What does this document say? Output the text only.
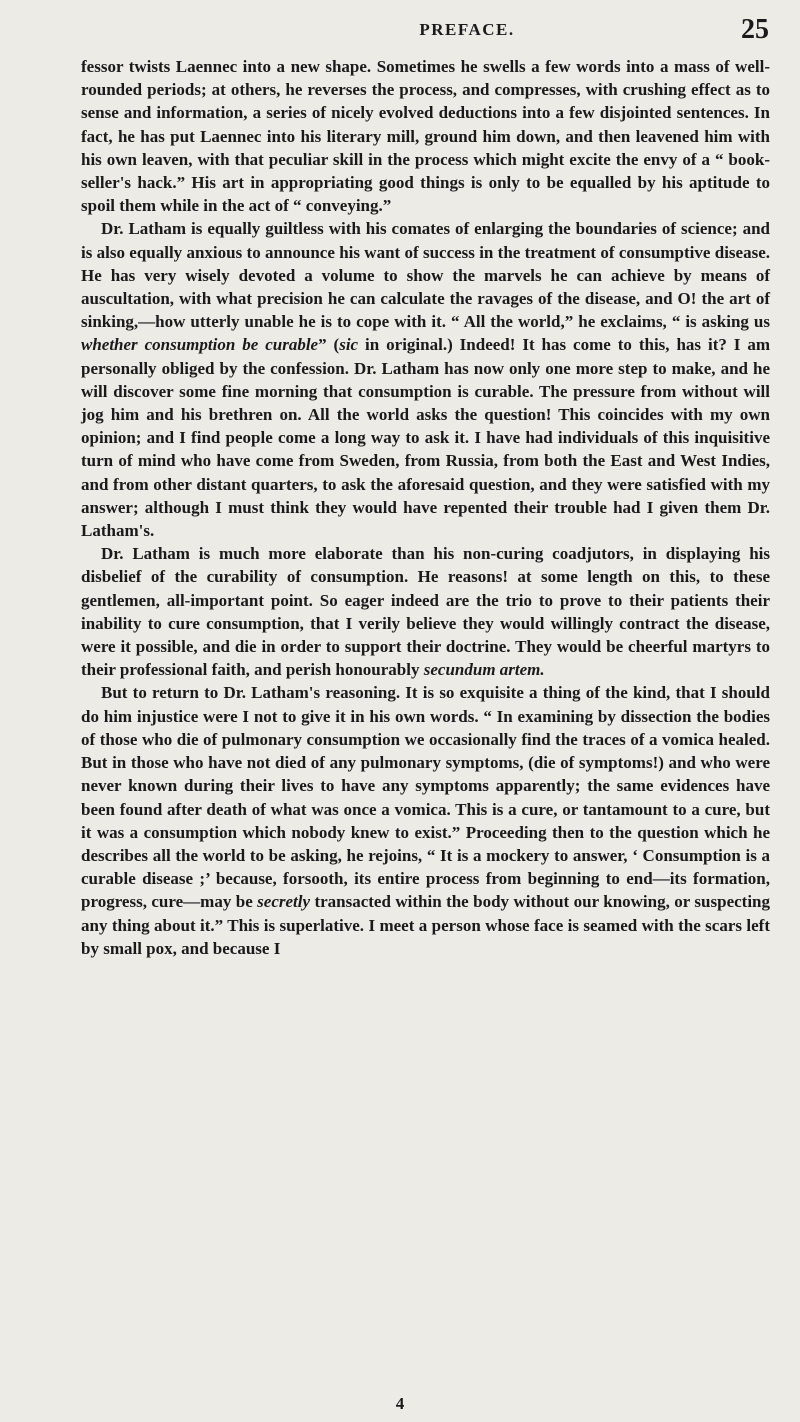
PREFACE.	25

fessor twists Laennec into a new shape. Sometimes he swells a few words into a mass of well-rounded periods; at others, he reverses the process, and compresses, with crushing effect as to sense and information, a series of nicely evolved deductions into a few disjointed sentences. In fact, he has put Laennec into his literary mill, ground him down, and then leavened him with his own leaven, with that peculiar skill in the process which might excite the envy of a “ book-seller's hack.” His art in appropriating good things is only to be equalled by his aptitude to spoil them while in the act of “ conveying.”

Dr. Latham is equally guiltless with his comates of enlarging the boundaries of science; and is also equally anxious to announce his want of success in the treatment of consumptive disease. He has very wisely devoted a volume to show the marvels he can achieve by means of auscultation, with what precision he can calculate the ravages of the disease, and O! the art of sinking,—how utterly unable he is to cope with it. “ All the world,” he exclaims, “ is asking us whether consumption be curable” (sic in original.) Indeed! It has come to this, has it? I am personally obliged by the confession. Dr. Latham has now only one more step to make, and he will discover some fine morning that consumption is curable. The pressure from without will jog him and his brethren on. All the world asks the question! This coincides with my own opinion; and I find people come a long way to ask it. I have had individuals of this inquisitive turn of mind who have come from Sweden, from Russia, from both the East and West Indies, and from other distant quarters, to ask the aforesaid question, and they were satisfied with my answer; although I must think they would have repented their trouble had I given them Dr. Latham's.

Dr. Latham is much more elaborate than his non-curing coadjutors, in displaying his disbelief of the curability of consumption. He reasons! at some length on this, to these gentlemen, all-important point. So eager indeed are the trio to prove to their patients their inability to cure consumption, that I verily believe they would willingly contract the disease, were it possible, and die in order to support their doctrine. They would be cheerful martyrs to their professional faith, and perish honourably secundum artem.

But to return to Dr. Latham's reasoning. It is so exquisite a thing of the kind, that I should do him injustice were I not to give it in his own words. “ In examining by dissection the bodies of those who die of pulmonary consumption we occasionally find the traces of a vomica healed. But in those who have not died of any pulmonary symptoms, (die of symptoms!) and who were never known during their lives to have any symptoms apparently; the same evidences have been found after death of what was once a vomica. This is a cure, or tantamount to a cure, but it was a consumption which nobody knew to exist.” Proceeding then to the question which he describes all the world to be asking, he rejoins, “ It is a mockery to answer, ‘ Consumption is a curable disease ;’ because, forsooth, its entire process from beginning to end—its formation, progress, cure—may be secretly transacted within the body without our knowing, or suspecting any thing about it.” This is superlative. I meet a person whose face is seamed with the scars left by small pox, and because I

4
